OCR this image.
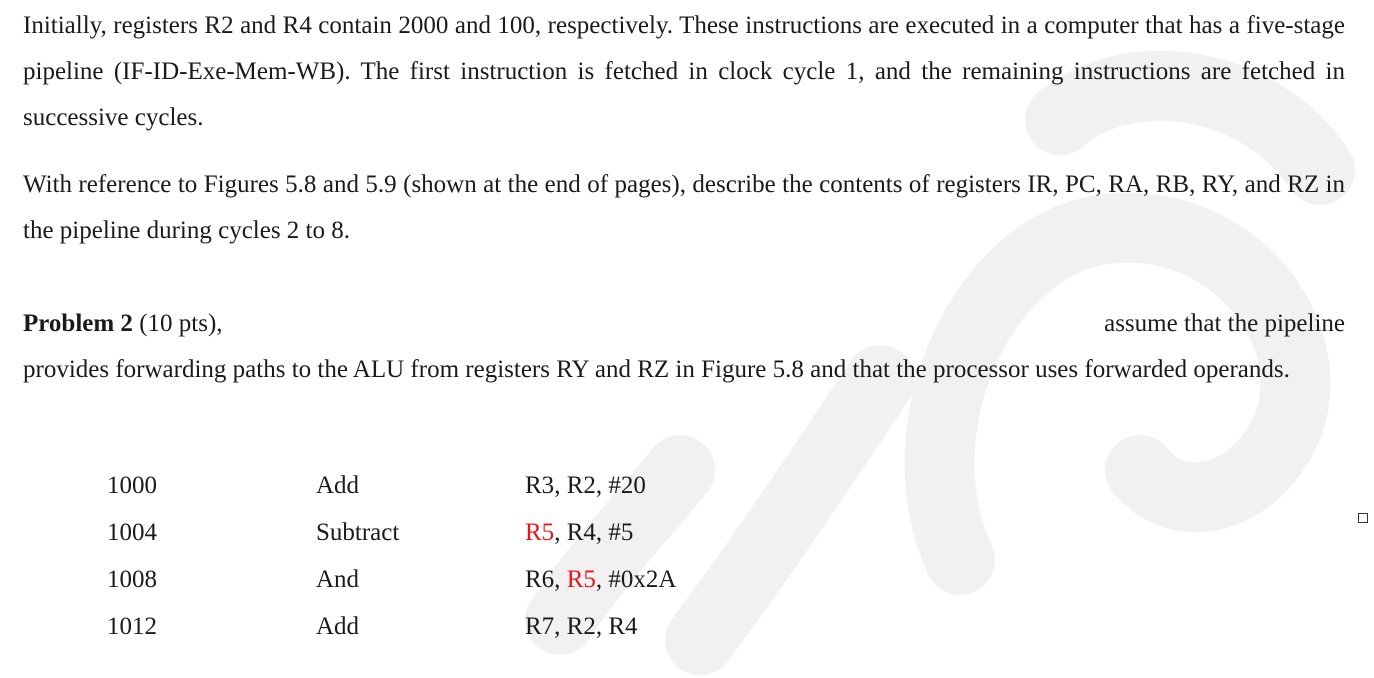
Initially, registers R2 and R4 contain 2000 and 100, respectively. These instructions are executed in a computer that has a five-stage pipeline (IF-ID-Exe-Mem-WB). The first instruction is fetched in clock cycle 1, and the remaining instructions are fetched in successive cycles.

With reference to Figures 5.8 and 5.9 (shown at the end of pages), describe the contents of registers IR, PC, RA, RB, RY, and RZ in the pipeline during cycles 2 to 8.

Problem 2 (10 pts),	assume that the pipeline
provides forwarding paths to the ALU from registers RY and RZ in Figure 5.8 and that the processor uses forwarded operands.
1000	Add	R3, R2, #20
1004	Subtract	R5, R4, #5
1008	And	R6, R5, #0x2A
1012	Add	R7, R2, R4
